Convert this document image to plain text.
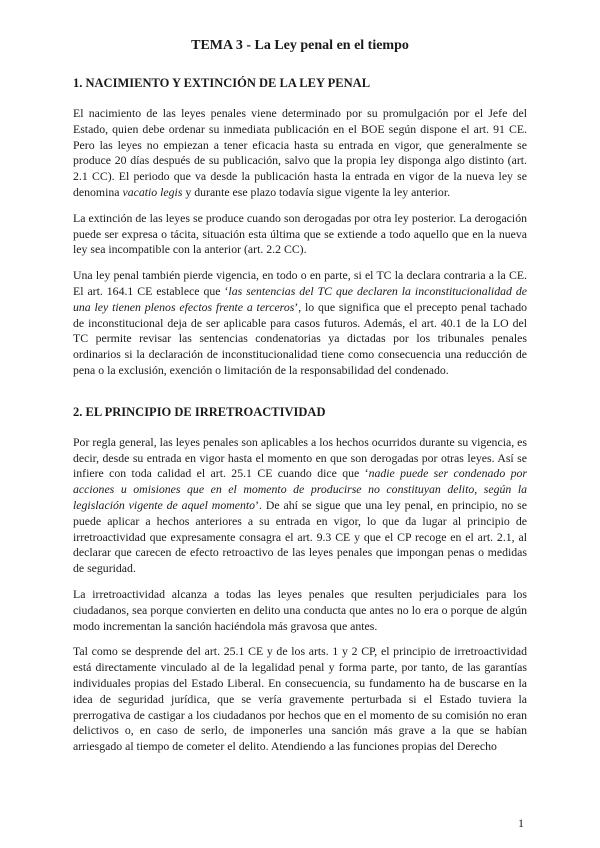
TEMA 3 - La Ley penal en el tiempo
1. NACIMIENTO Y EXTINCIÓN DE LA LEY PENAL

El nacimiento de las leyes penales viene determinado por su promulgación por el Jefe del Estado, quien debe ordenar su inmediata publicación en el BOE según dispone el art. 91 CE. Pero las leyes no empiezan a tener eficacia hasta su entrada en vigor, que generalmente se produce 20 días después de su publicación, salvo que la propia ley disponga algo distinto (art. 2.1 CC). El periodo que va desde la publicación hasta la entrada en vigor de la nueva ley se denomina vacatio legis y durante ese plazo todavía sigue vigente la ley anterior.

La extinción de las leyes se produce cuando son derogadas por otra ley posterior. La derogación puede ser expresa o tácita, situación esta última que se extiende a todo aquello que en la nueva ley sea incompatible con la anterior (art. 2.2 CC).

Una ley penal también pierde vigencia, en todo o en parte, si el TC la declara contraria a la CE. El art. 164.1 CE establece que ‘las sentencias del TC que declaren la inconstitucionalidad de una ley tienen plenos efectos frente a terceros’, lo que significa que el precepto penal tachado de inconstitucional deja de ser aplicable para casos futuros. Además, el art. 40.1 de la LO del TC permite revisar las sentencias condenatorias ya dictadas por los tribunales penales ordinarios si la declaración de inconstitucionalidad tiene como consecuencia una reducción de pena o la exclusión, exención o limitación de la responsabilidad del condenado.

2. EL PRINCIPIO DE IRRETROACTIVIDAD

Por regla general, las leyes penales son aplicables a los hechos ocurridos durante su vigencia, es decir, desde su entrada en vigor hasta el momento en que son derogadas por otras leyes. Así se infiere con toda calidad el art. 25.1 CE cuando dice que ‘nadie puede ser condenado por acciones u omisiones que en el momento de producirse no constituyan delito, según la legislación vigente de aquel momento’. De ahí se sigue que una ley penal, en principio, no se puede aplicar a hechos anteriores a su entrada en vigor, lo que da lugar al principio de irretroactividad que expresamente consagra el art. 9.3 CE y que el CP recoge en el art. 2.1, al declarar que carecen de efecto retroactivo de las leyes penales que impongan penas o medidas de seguridad.

La irretroactividad alcanza a todas las leyes penales que resulten perjudiciales para los ciudadanos, sea porque convierten en delito una conducta que antes no lo era o porque de algún modo incrementan la sanción haciéndola más gravosa que antes.

Tal como se desprende del art. 25.1 CE y de los arts. 1 y 2 CP, el principio de irretroactividad está directamente vinculado al de la legalidad penal y forma parte, por tanto, de las garantías individuales propias del Estado Liberal. En consecuencia, su fundamento ha de buscarse en la idea de seguridad jurídica, que se vería gravemente perturbada si el Estado tuviera la prerrogativa de castigar a los ciudadanos por hechos que en el momento de su comisión no eran delictivos o, en caso de serlo, de imponerles una sanción más grave a la que se habían arriesgado al tiempo de cometer el delito. Atendiendo a las funciones propias del Derecho

1
